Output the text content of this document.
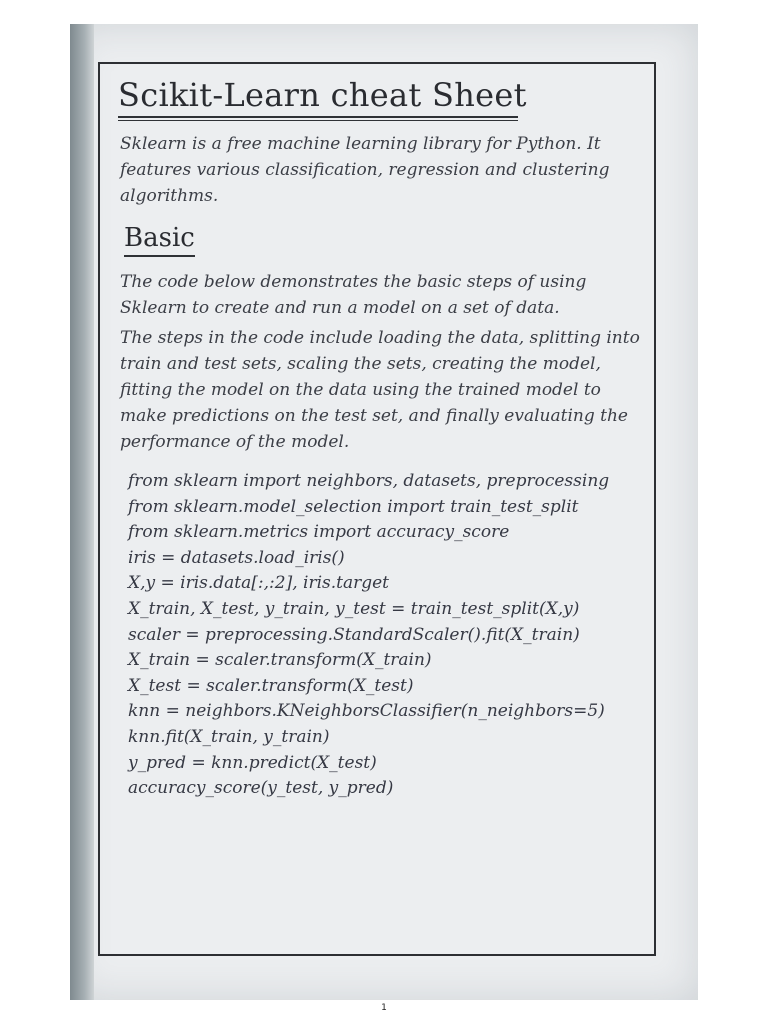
Scikit-Learn cheat Sheet

Sklearn is a free machine learning library for Python. It features various classification, regression and clustering algorithms.

Basic

The code below demonstrates the basic steps of using Sklearn to create and run a model on a set of data.

The steps in the code include loading the data, splitting into train and test sets, scaling the sets, creating the model, fitting the model on the data using the trained model to make predictions on the test set, and finally evaluating the performance of the model.

from sklearn import neighbors, datasets, preprocessing
from sklearn.model_selection import train_test_split
from sklearn.metrics import accuracy_score
iris = datasets.load_iris()
X,y = iris.data[:,:2], iris.target
X_train, X_test, y_train, y_test = train_test_split(X,y)
scaler = preprocessing.StandardScaler().fit(X_train)
X_train = scaler.transform(X_train)
X_test = scaler.transform(X_test)
knn = neighbors.KNeighborsClassifier(n_neighbors=5)
knn.fit(X_train, y_train)
y_pred = knn.predict(X_test)
accuracy_score(y_test, y_pred)
1
